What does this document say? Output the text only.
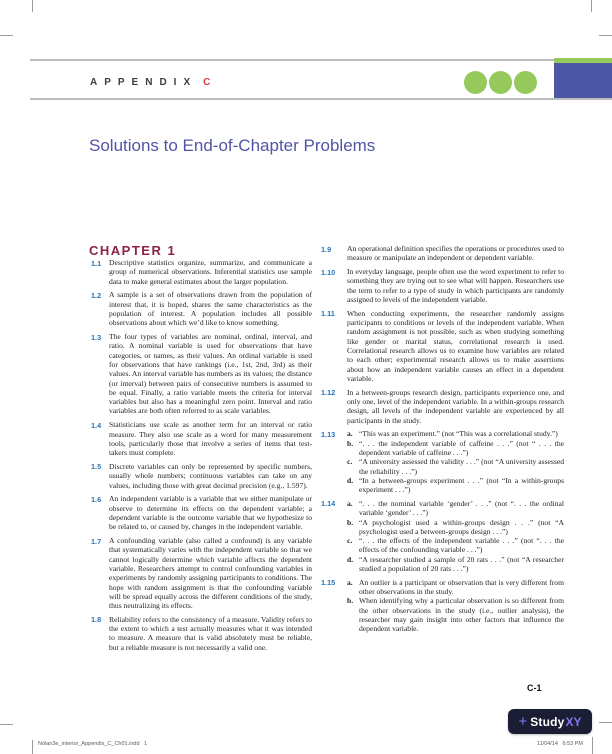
APPENDIX C
Solutions to End-of-Chapter Problems
CHAPTER 1
1.1	Descriptive statistics organize, summarize, and communicate a group of numerical observations. Inferential statistics use sample data to make general estimates about the larger population.
1.2	A sample is a set of observations drawn from the population of interest that, it is hoped, shares the same characteristics as the population of interest. A population includes all possible observations about which we’d like to know something.
1.3	The four types of variables are nominal, ordinal, interval, and ratio. A nominal variable is used for observations that have categories, or names, as their values. An ordinal variable is used for observations that have rankings (i.e., 1st, 2nd, 3rd) as their values. An interval variable has numbers as its values; the distance (or interval) between pairs of consecutive numbers is assumed to be equal. Finally, a ratio variable meets the criteria for interval variables but also has a meaningful zero point. Interval and ratio variables are both often referred to as scale variables.
1.4	Statisticians use scale as another term for an interval or ratio measure. They also use scale as a word for many measurement tools, particularly those that involve a series of items that test-takers must complete.
1.5	Discrete variables can only be represented by specific numbers, usually whole numbers; continuous variables can take on any values, including those with great decimal precision (e.g., 1.597).
1.6	An independent variable is a variable that we either manipulate or observe to determine its effects on the dependent variable; a dependent variable is the outcome variable that we hypothesize to be related to, or caused by, changes in the independent variable.
1.7	A confounding variable (also called a confound) is any variable that systematically varies with the independent variable so that we cannot logically determine which variable affects the dependent variable. Researchers attempt to control confounding variables in experiments by randomly assigning participants to conditions. The hope with random assignment is that the confounding variable will be spread equally across the different conditions of the study, thus neutralizing its effects.
1.8	Reliability refers to the consistency of a measure. Validity refers to the extent to which a test actually measures what it was intended to measure. A measure that is valid absolutely must be reliable, but a reliable measure is not necessarily a valid one.
1.9	An operational definition specifies the operations or procedures used to measure or manipulate an independent or dependent variable.
1.10	In everyday language, people often use the word experiment to refer to something they are trying out to see what will happen. Researchers use the term to refer to a type of study in which participants are randomly assigned to levels of the independent variable.
1.11	When conducting experiments, the researcher randomly assigns participants to conditions or levels of the independent variable. When random assignment is not possible, such as when studying something like gender or marital status, correlational research is used. Correlational research allows us to examine how variables are related to each other; experimental research allows us to make assertions about how an independent variable causes an effect in a dependent variable.
1.12	In a between-groups research design, participants experience one, and only one, level of the independent variable. In a within-groups research design, all levels of the independent variable are experienced by all participants in the study.
1.13	a. “This was an experiment.” (not “This was a correlational study.”)
b. “. . . the independent variable of caffeine . . .” (not “ . . . the dependent variable of caffeine . . .”)
c. “A university assessed the validity . . .” (not “A university assessed the reliability . . .”)
d. “In a between-groups experiment . . .” (not “In a within-groups experiment . . .”)
1.14	a. “. . . the nominal variable ‘gender’ . . .” (not “. . . the ordinal variable ‘gender’ . . .”)
b. “A psychologist used a within-groups design . . .” (not “A psychologist used a between-groups design . . .”)
c. “. . . the effects of the independent variable . . .” (not “. . . the effects of the confounding variable . . .”)
d. “A researcher studied a sample of 20 rats . . .” (not “A researcher studied a population of 20 rats . . .”)
1.15	a. An outlier is a participant or observation that is very different from other observations in the study.
b. When identifying why a particular observation is so different from the other observations in the study (i.e., outlier analysis), the researcher may gain insight into other factors that influence the dependent variable.
C-1
+ Study XY
Nolan3e_interior_Appendix_C_Ch01.indd   1	11/04/14   6:53 PM
